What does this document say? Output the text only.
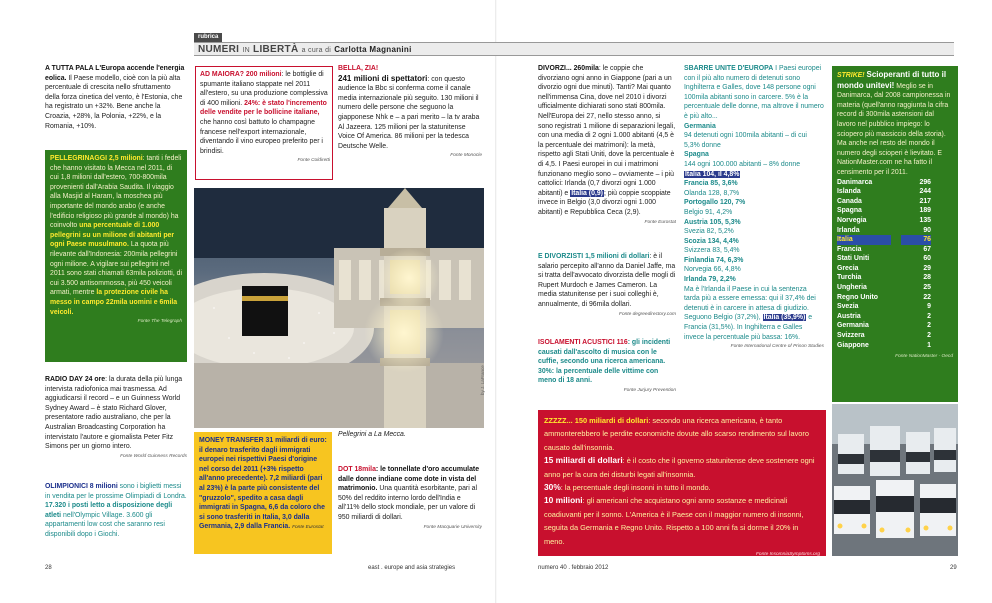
rubrica
NUMERI IN LIBERTÀ a cura di Carlotta Magnanini
A TUTTA PALA L'Europa accende l'energia eolica. Il Paese modello, cioè con la più alta percentuale di crescita nello sfruttamento della forza cinetica del vento, è l'Estonia, che ha registrato un +32%. Bene anche la Croazia, +28%, la Polonia, +22%, e la Romania, +10%.
PELLEGRINAGGI 2,5 milioni: tanti i fedeli che hanno visitato la Mecca nel 2011, di cui 1,8 milioni dall'estero, 700-800mila provenienti dall'Arabia Saudita. Il viaggio alla Masjid al Haram, la moschea più importante del mondo arabo (e anche l'edificio religioso più grande al mondo) ha coinvolto una percentuale di 1.000 pellegrini su un milione di abitanti per ogni Paese musulmano. La quota più rilevante dall'Indonesia: 200mila pellegrini ogni milione. A vigilare sui pellegrini nel 2011 sono stati chiamati 63mila poliziotti, di cui 3.500 antisommossa, più 450 veicoli armati, mentre la protezione civile ha messo in campo 22mila uomini e 6mila veicoli.
Fonte The Telegraph
RADIO DAY 24 ore: la durata della più lunga intervista radiofonica mai trasmessa. Ad aggiudicarsi il record – e un Guinness World Sydney Award – è stato Richard Glover, presentatore radio australiano, che per la Australian Broadcasting Corporation ha intervistato l'autore e giornalista Peter Fitz Simons per un giorno intero.
Fonte World Guinness Records
OLIMPIONICI 8 milioni sono i biglietti messi in vendita per le prossime Olimpiadi di Londra. 17.320 i posti letto a disposizione degli atleti nell'Olympic Village. 3.600 gli appartamenti low cost che saranno resi disponibili dopo i Giochi.
AD MAIORA? 200 milioni: le bottiglie di spumante italiano stappate nel 2011 all'estero, su una produzione complessiva di 400 milioni. 24%: è stato l'incremento delle vendite per le bollicine italiane, che hanno così battuto lo champagne francese nell'export internazionale, diventando il vino europeo preferito per i brindisi.
Fonte Coldiretti
by J. LaFrance
MONEY TRANSFER 31 miliardi di euro: il denaro trasferito dagli immigrati europei nei rispettivi Paesi d'origine nel corso del 2011 (+3% rispetto all'anno precedente). 7,2 miliardi (pari al 23%) è la parte più consistente del "gruzzolo", spedito a casa dagli immigrati in Spagna, 6,6 da coloro che si sono trasferiti in Italia, 3,0 dalla Germania, 2,9 dalla Francia. Fonte Eurostat
BELLA, ZIA!
241 milioni di spettatori: con questo audience la Bbc si conferma come il canale media internazionale più seguito. 130 milioni il numero delle persone che seguono la giapponese Nhk e – a pari merito – la tv araba Al Jazeera. 125 milioni per la statunitense Voice Of America. 86 milioni per la tedesca Deutsche Welle.
Fonte Monocle
Pellegrini a La Mecca.
DOT 18mila: le tonnellate d'oro accumulate dalle donne indiane come dote in vista del matrimonio. Una quantità esorbitante, pari al 50% del reddito interno lordo dell'India e all'11% dello stock mondiale, per un valore di 950 miliardi di dollari.
Fonte Macquarie University
DIVORZI... 260mila: le coppie che divorziano ogni anno in Giappone (pari a un divorzio ogni due minuti). Tanti? Mai quanto nell'immensa Cina, dove nel 2010 i divorzi ufficialmente dichiarati sono stati 800mila. Nell'Europa dei 27, nello stesso anno, si sono registrati 1 milione di separazioni legali, con una media di 2 ogni 1.000 abitanti (4,5 è la percentuale dei matrimoni): la metà, rispetto agli Stati Uniti, dove la percentuale è di 4,5. I Paesi europei in cui i matrimoni funzionano meglio sono – ovviamente – i più cattolici: Irlanda (0,7 divorzi ogni 1.000 abitanti) e Italia (0,9); più coppie scoppiate invece in Belgio (3,0 divorzi ogni 1.000 abitanti) e Repubblica Ceca (2,9).
Fonte Eurostat
E DIVORZISTI 1,5 milioni di dollari: è il salario percepito all'anno da Daniel Jaffe, ma si tratta dell'avvocato divorzista delle mogli di Rupert Murdoch e James Cameron. La media statunitense per i suoi colleghi è, annualmente, di 96mila dollari.
Fonte degreedirectory.com
ISOLAMENTI ACUSTICI 116: gli incidenti causati dall'ascolto di musica con le cuffie, secondo una ricerca americana. 30%: la percentuale delle vittime con meno di 18 anni.
Fonte Jurjury Prevention
SBARRE UNITE D'EUROPA I Paesi europei con il più alto numero di detenuti sono Inghilterra e Galles, dove 148 persone ogni 100mila abitanti sono in carcere. 5% è la percentuale delle donne, ma altrove il numero è più alto...
Germania
94 detenuti ogni 100mila abitanti – di cui 5,3% donne
Spagna
144 ogni 100.000 abitanti – 8% donne
Italia 104, il 4,8%
Francia 85, 3,6%
Olanda 128, 8,7%
Portogallo 120, 7%
Belgio 91, 4,2%
Austria 105, 5,3%
Svezia 82, 5,2%
Scozia 134, 4,4%
Svizzera 83, 5,4%
Finlandia 74, 6,3%
Norvegia 66, 4,8%
Irlanda 79, 2,2%
Ma è l'Irlanda il Paese in cui la sentenza tarda più a essere emessa: qui il 37,4% dei detenuti è in carcere in attesa di giudizio. Seguono Belgio (37,2%), Italia (35,9%) e Francia (31,5%). In Inghilterra e Galles invece la percentuale più bassa: 16%.
Fonte International Centre of Prison Studies
STRIKE! Scioperanti di tutto il mondo unitevi! Meglio se in Danimarca, dal 2008 campionessa in materia (quell'anno raggiunta la cifra record di 300mila astensioni dal lavoro nel pubblico impiego: lo sciopero più massiccio della storia). Ma anche nel resto del mondo il numero degli scioperi è lievitato. E NationMaster.com ne ha fatto il censimento per il 2011.
Danimarca	296
Islanda	244
Canada	217
Spagna	189
Norvegia	135
Irlanda	90
Italia	76
Francia	67
Stati Uniti	60
Grecia	29
Turchia	28
Ungheria	25
Regno Unito	22
Svezia	9
Austria	2
Germania	2
Svizzera	2
Giappone	1
Fonte NationMaster - Oecd
ZZZZZ... 150 miliardi di dollari: secondo una ricerca americana, è tanto ammonterebbero le perdite economiche dovute allo scarso rendimento sul lavoro causato dall'insonnia.
15 miliardi di dollari: è il costo che il governo statunitense deve sostenere ogni anno per la cura dei disturbi legati all'insonnia.
30%: la percentuale degli insonni in tutto il mondo.
10 milioni: gli americani che acquistano ogni anno sostanze e medicinali coadiuvanti per il sonno. L'America è il Paese con il maggior numero di insonni, seguita da Germania e Regno Unito. Rispetto a 100 anni fa si dorme il 20% in meno.
Fonte InsomniaSymptoms.org
28	east . europe and asia strategies	numero 40 . febbraio 2012	29
